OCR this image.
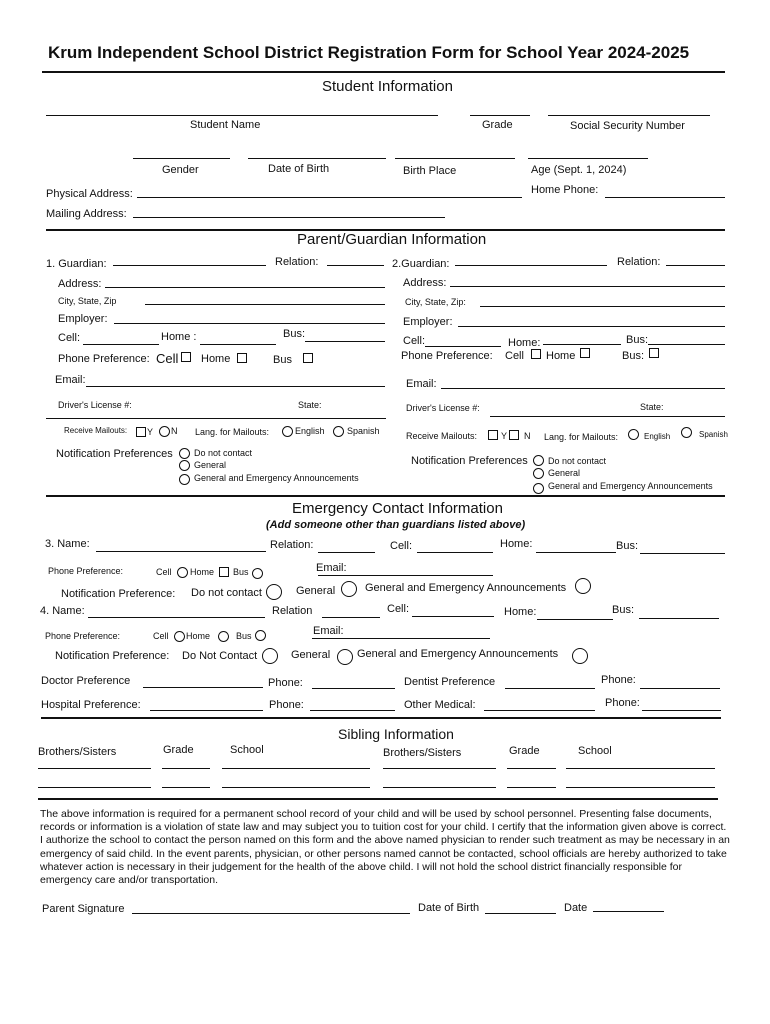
Krum Independent School District Registration Form for School Year 2024-2025
Student Information
Student Name	Grade	Social Security Number
Gender	Date of Birth	Birth Place	Age (Sept. 1, 2024)
Home Phone:
Physical Address:
Mailing Address:
Parent/Guardian Information
1. Guardian:	Relation:
Address:
City, State, Zip
Employer:
Cell:	Home :	Bus:
Phone Preference: Cell Home	Bus
Email:
Driver's License #:	State:
Receive Mailouts: Y N Lang. for Mailouts:	English Spanish
Notification Preferences Do not contact
General
General and Emergency Announcements
2.Guardian:	Relation:
Address:
City, State, Zip:
Employer:
Cell:	Home:	Bus:
Phone Preference: Cell Home	Bus:
Email:
Driver's License #:	State:
Receive Mailouts:	Y N Lang. for Mailouts:	English	Spanish
Notification Preferences Do not contact
General
General and Emergency Announcements
Emergency Contact Information
(Add someone other than guardians listed above)
3. Name:	Relation:	Cell:	Home:	Bus:
Phone Preference:	Cell Home Bus	Email:
Notification Preference: Do not contact	General	General and Emergency Announcements
4. Name:	Relation	Cell:	Home:	Bus:
Phone Preference:	Cell Home	Bus	Email:
Notification Preference: Do Not Contact	General General and Emergency Announcements
Doctor Preference	Phone:	Dentist Preference	Phone:
Hospital Preference:	Phone:	Other Medical:	Phone:
Sibling Information
Brothers/Sisters	Grade	School	Brothers/Sisters	Grade	School
The above information is required for a permanent school record of your child and will be used by school personnel. Presenting false documents, records or information is a violation of state law and may subject you to tuition cost for your child. I certify that the information given above is correct. I authorize the school to contact the person named on this form and the above named physician to render such treatment as may be necessary in an emergency of said child. In the event parents, physician, or other persons named cannot be contacted, school officials are hereby authorized to take whatever action is necessary in their judgement for the health of the above child. I will not hold the school district financially responsible for emergency care and/or transportation.
Parent Signature	Date of Birth	Date
